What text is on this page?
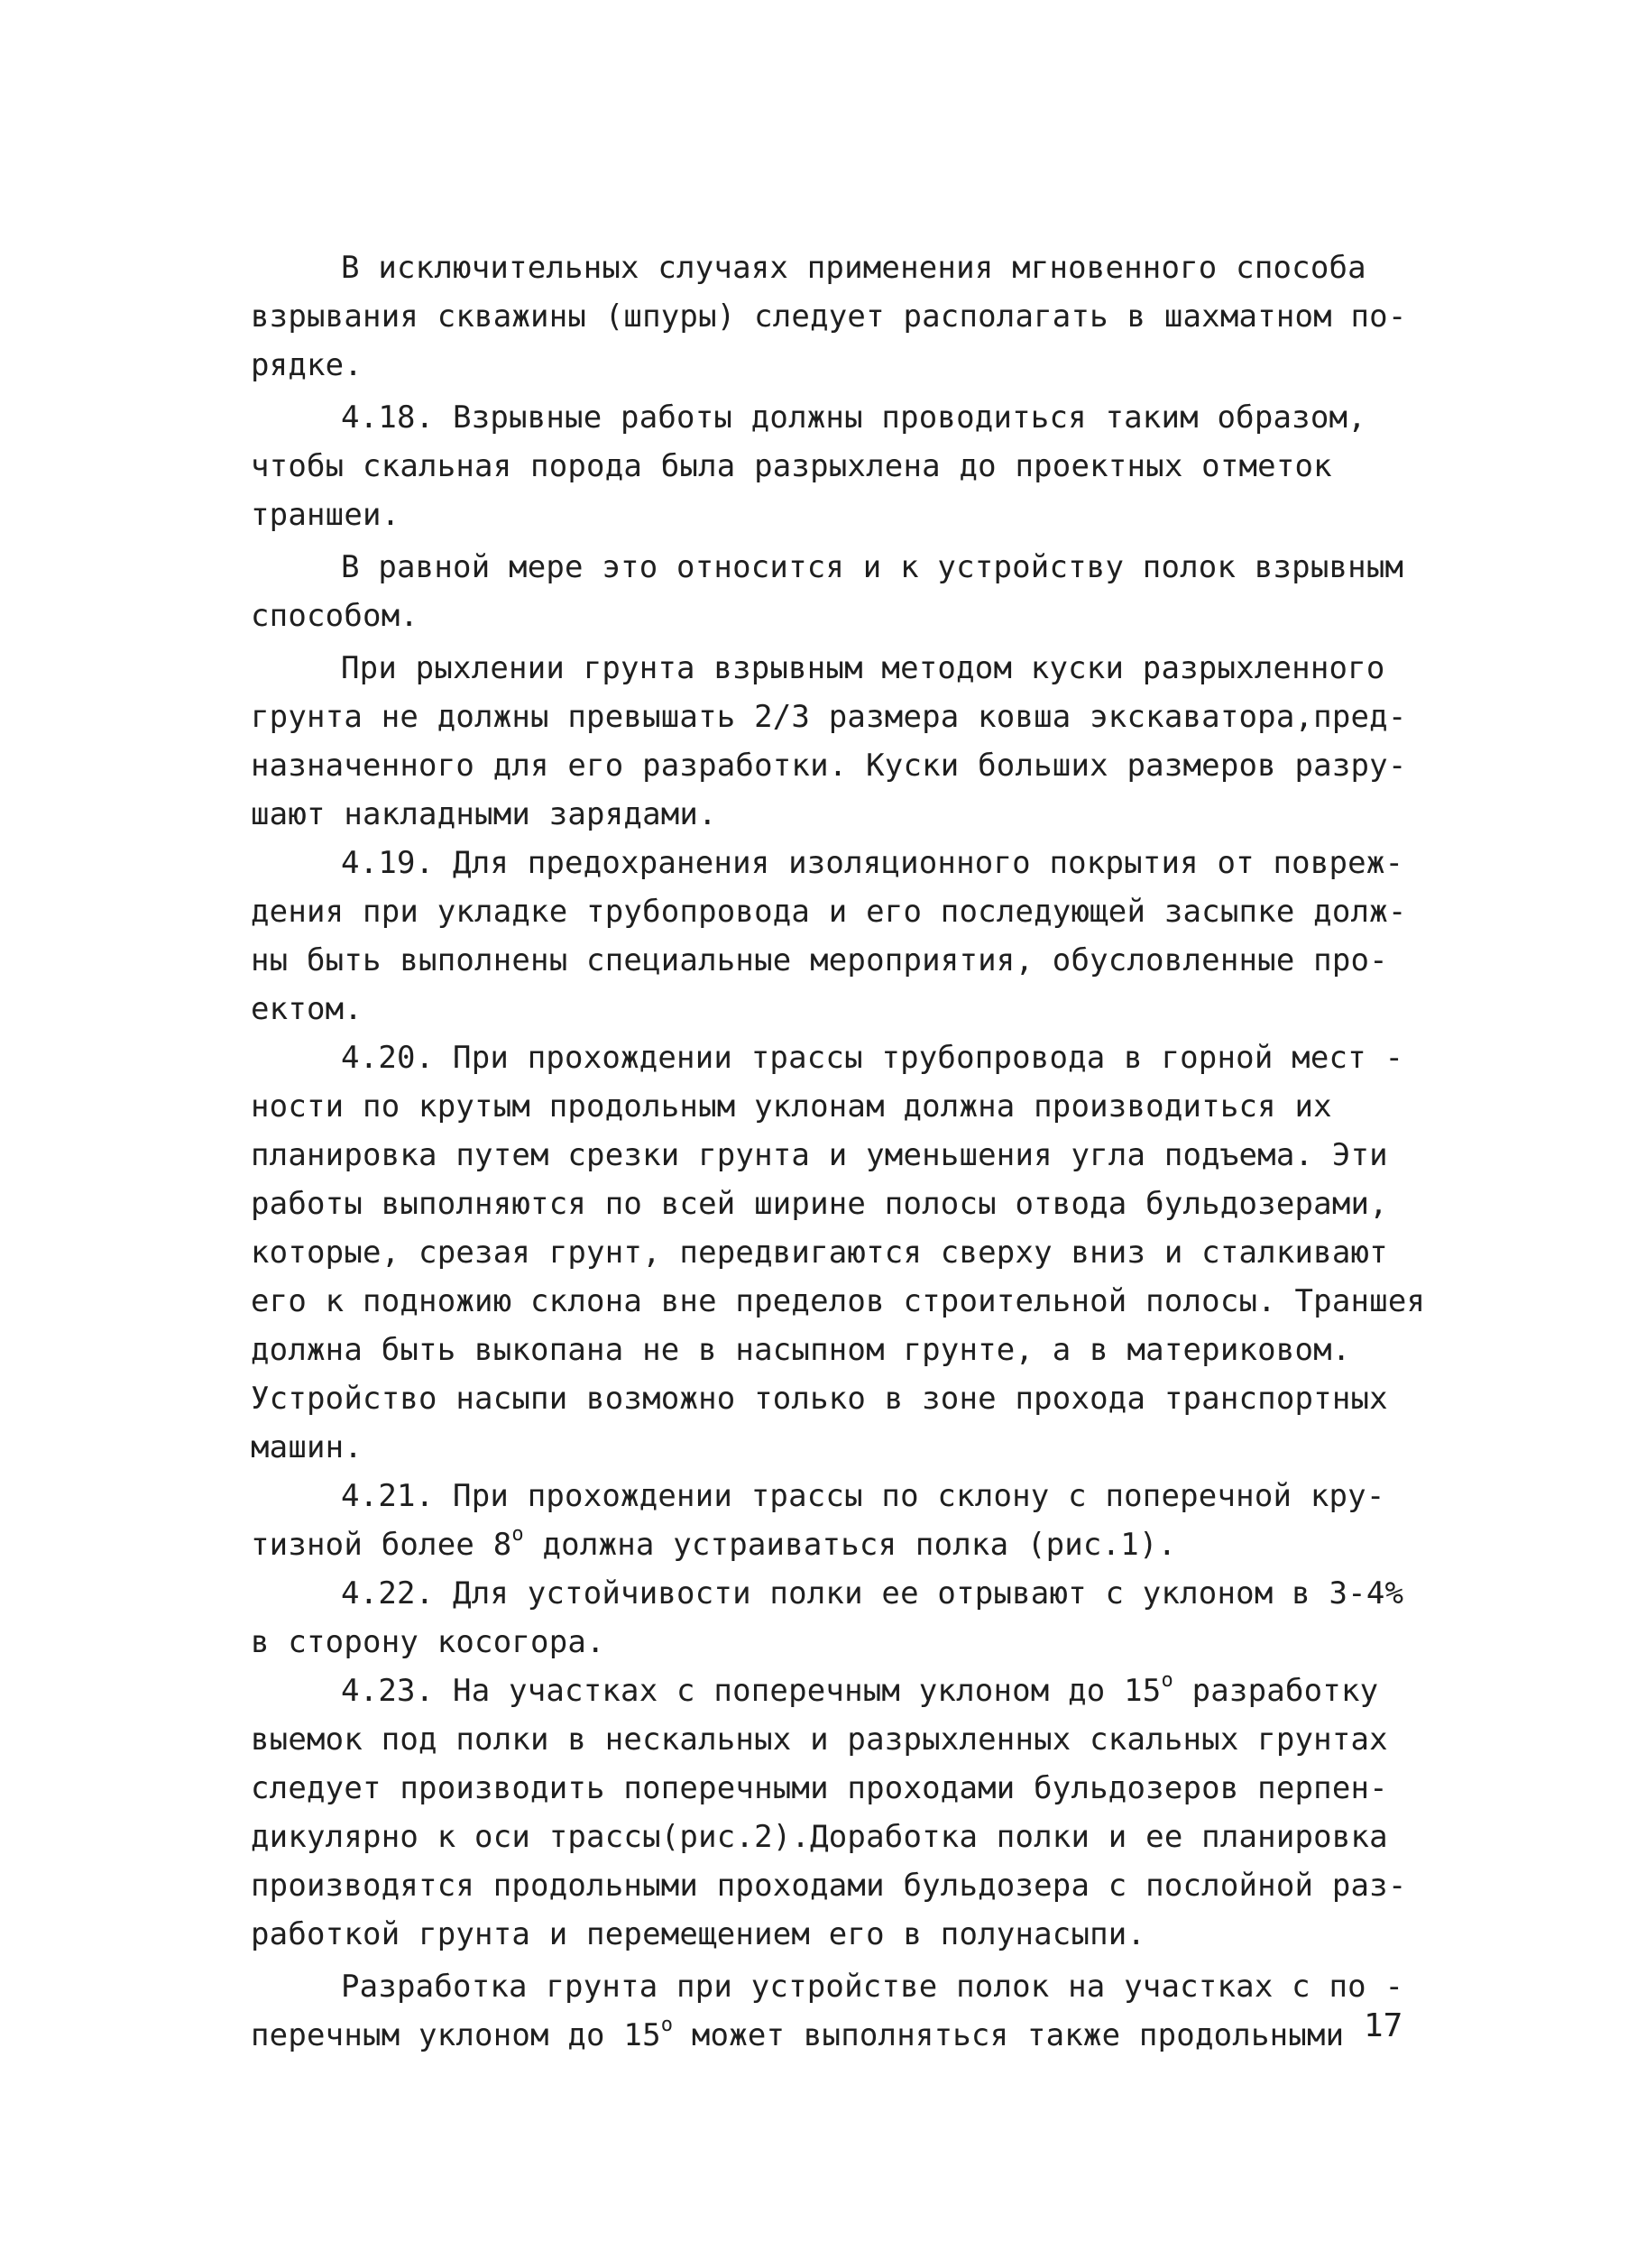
В исключительных случаях применения мгновенного способа
взрывания скважины (шпуры) следует располагать в шахматном по-
рядке.
4.18. Взрывные работы должны проводиться таким образом,
чтобы скальная порода была разрыхлена до проектных отметок
траншеи.
В равной мере это относится и к устройству полок взрывным
способом.
При рыхлении грунта взрывным методом куски разрыхленного
грунта не должны превышать 2/3 размера ковша экскаватора,пред-
назначенного для его разработки. Куски больших размеров разру-
шают накладными зарядами.
4.19. Для предохранения изоляционного покрытия от повреж-
дения при укладке трубопровода и его последующей засыпке долж-
ны быть выполнены специальные мероприятия, обусловленные про-
ектом.
4.20. При прохождении трассы трубопровода в горной мест -
ности по крутым продольным уклонам должна производиться их
планировка путем срезки грунта и уменьшения угла подъема. Эти
работы выполняются по всей ширине полосы отвода бульдозерами,
которые, срезая грунт, передвигаются сверху вниз и сталкивают
его к подножию склона вне пределов строительной полосы. Траншея
должна быть выкопана не в насыпном грунте, а в материковом.
Устройство насыпи возможно только в зоне прохода транспортных
машин.
4.21. При прохождении трассы по склону с поперечной кру-
тизной более $8^о$ должна устраиваться полка (рис.1).
4.22. Для устойчивости полки ее отрывают с уклоном в 3-4%
в сторону косогора.
4.23. На участках с поперечным уклоном до $15^о$ разработку
выемок под полки в нескальных и разрыхленных скальных грунтах
следует производить поперечными проходами бульдозеров перпен-
дикулярно к оси трассы(рис.2).Доработка полки и ее планировка
производятся продольными проходами бульдозера с послойной раз-
работкой грунта и перемещением его в полунасыпи.
Разработка грунта при устройстве полок на участках с по -
перечным уклоном до $15^о$ может выполняться также продольными 17
